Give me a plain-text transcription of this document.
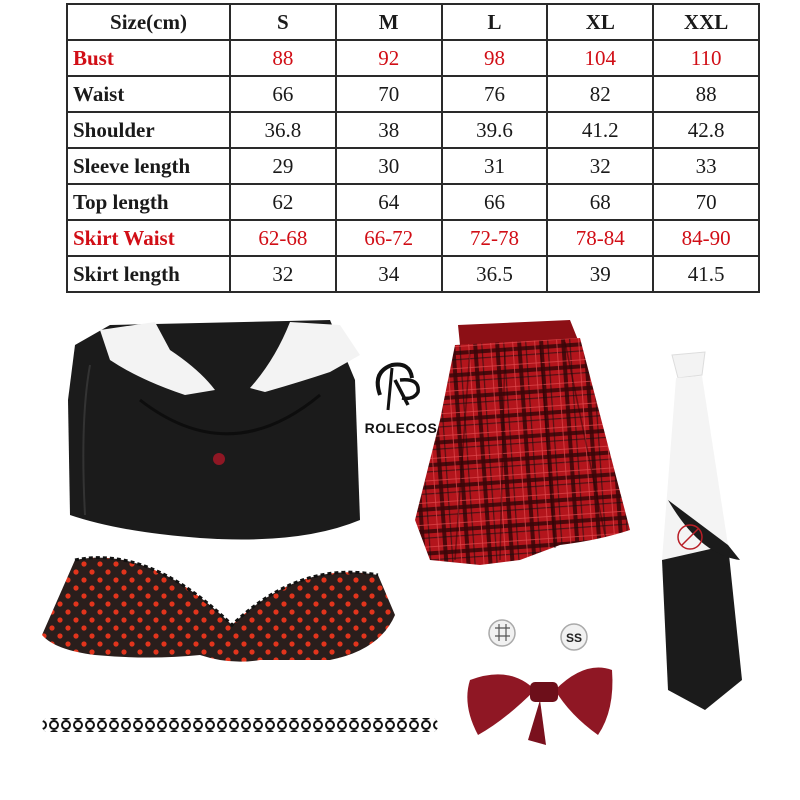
Size(cm)	S	M	L	XL	XXL
Bust	88	92	98	104	110
Waist	66	70	76	82	88
Shoulder	36.8	38	39.6	41.2	42.8
Sleeve length	29	30	31	32	33
Top length	62	64	66	68	70
Skirt Waist	62-68	66-72	72-78	78-84	84-90
Skirt length	32	34	36.5	39	41.5
SS
ROLECOS
